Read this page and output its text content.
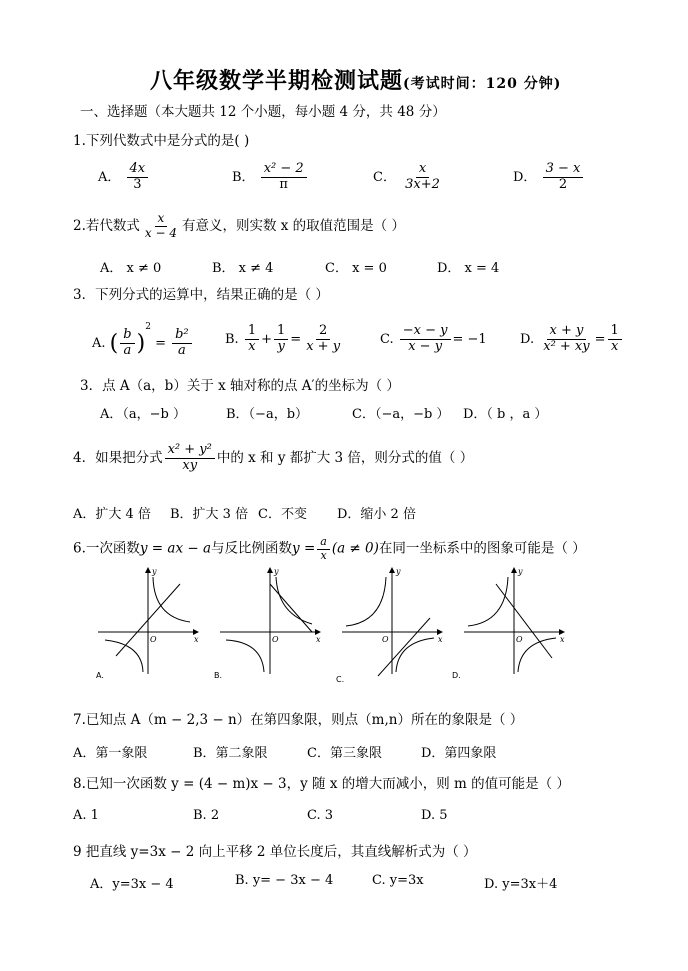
八年级数学半期检测试题(考试时间：120 分钟)
一、选择题（本大题共 12 个小题，每小题 4 分，共 48 分）
1.下列代数式中是分式的是( )
A． $\frac{4x}{3}$	B． $\frac{\text{x² − 2}}{\pi}$	C． $\frac{x}{3x+2}$	D． $\frac{3 - x}{2}$
2.若代数式 $\frac{x}{x - 4}$ 有意义，则实数 x 的取值范围是（ ）
A． x ≠ 0	B． x ≠ 4	C． x = 0	D． x = 4
3．下列分式的运算中，结果正确的是（ ）
A. ( $\frac{b}{a} )^2 = \frac{\text{b²}}{a}$	B. $\frac{1}{x} + \frac{1}{y} = \frac{2}{x + y}$	C. $\frac{-x - y}{x - y} = -1$	D. $\frac{x + y}{\text{x² + xy}} = \frac{1}{x}$
3．点 A（a，b）关于 x 轴对称的点 A′的坐标为（ ）
A．（a，−b ）	B．（−a，b）	C．（−a，−b ） D．（ b ，a ）
4．如果把分式 $\frac{\text{x² + y²}}{xy}$ 中的 x 和 y 都扩大 3 倍，则分式的值（ ）
A．扩大 4 倍 B．扩大 3 倍 C．不变 D．缩小 2 倍
6.一次函数y = ax − a与反比例函数$y = \frac{a}{x} (a \ne 0)$在同一坐标系中的图象可能是（ ）
x
y
O
A.
x
y
O
B.
x
y
O
C.
x
y
O
D.
7.已知点 A（m − 2,3 − n）在第四象限，则点（m,n）所在的象限是（ ）
A．第一象限	B．第二象限	C．第三象限	D．第四象限
8.已知一次函数 y = (4 − m)x − 3，y 随 x 的增大而减小，则 m 的值可能是（ ）
A. 1	B. 2	C. 3	D. 5
9 把直线 y=3x − 2 向上平移 2 单位长度后，其直线解析式为（ ）
A．y=3x − 4	B. y= − 3x − 4	C. y=3x	D. y=3x＋4
